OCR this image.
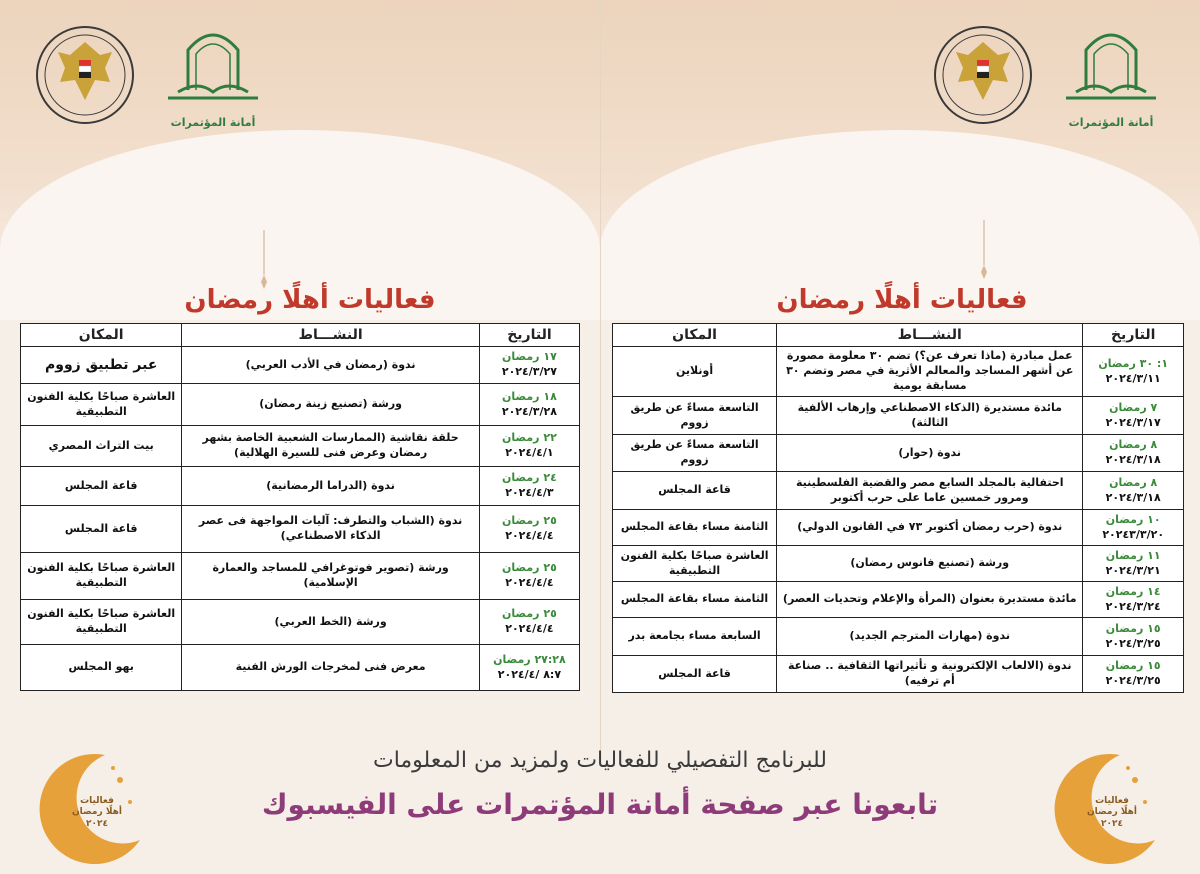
أمانة المؤتمرات	أمانة المؤتمرات
فعاليات أهلًا رمضان
التاريخ	النشـــاط	المكان

١٧ رمضان
٢٠٢٤/٣/٢٧	ندوة (رمضان في الأدب العربي)	عبر تطبيق زووم

١٨ رمضان
٢٠٢٤/٣/٢٨	ورشة (تصنيع زينة رمضان)	العاشرة صباحًا بكلية الفنون التطبيقية

٢٢ رمضان
٢٠٢٤/٤/١	حلقة نقاشية (الممارسات الشعبية الخاصة بشهر رمضان وعرض فنى للسيرة الهلالية)	بيت التراث المصري

٢٤ رمضان
٢٠٢٤/٤/٣	ندوة (الدراما الرمضانية)	قاعة المجلس

٢٥ رمضان
٢٠٢٤/٤/٤	ندوة (الشباب والتطرف: آليات المواجهة فى عصر الذكاء الاصطناعي)	قاعة المجلس

٢٥ رمضان
٢٠٢٤/٤/٤	ورشة (تصوير فوتوغرافي للمساجد والعمارة الإسلامية)	العاشرة صباحًا بكلية الفنون التطبيقية

٢٥ رمضان
٢٠٢٤/٤/٤	ورشة (الخط العربي)	العاشرة صباحًا بكلية الفنون التطبيقية

٢٧:٢٨ رمضان
٨:٧ /٢٠٢٤/٤	معرض فنى لمخرجات الورش الفنية	بهو المجلس
فعاليات أهلًا رمضان
التاريخ	النشـــاط	المكان

١: ٣٠ رمضان
٢٠٢٤/٣/١١	عمل مبادرة (ماذا تعرف عن؟) تضم ٣٠ معلومة مصورة عن أشهر المساجد والمعالم الأثرية في مصر وتضم ٣٠ مسابقة يومية	أونلاين

٧ رمضان
٢٠٢٤/٣/١٧	مائدة مستديرة (الذكاء الاصطناعي وإرهاب الألفية الثالثة)	التاسعة مساءً عن طريق زووم

٨ رمضان
٢٠٢٤/٣/١٨	ندوة (حوار)	التاسعة مساءً عن طريق زووم

٨ رمضان
٢٠٢٤/٣/١٨	احتفالية بالمجلد السابع مصر والقضية الفلسطينية ومرور خمسين عاما على حرب أكتوبر	قاعة المجلس

١٠ رمضان
٢٠٢٤٣/٣/٢٠	ندوة (حرب رمضان أكتوبر ٧٣ في القانون الدولي)	الثامنة مساء بقاعة المجلس

١١ رمضان
٢٠٢٤/٣/٢١	ورشة (تصنيع فانوس رمضان)	العاشرة صباحًا بكلية الفنون التطبيقية

١٤ رمضان
٢٠٢٤/٣/٢٤	مائدة مستديرة بعنوان (المرأة والإعلام وتحديات العصر)	الثامنة مساء بقاعة المجلس

١٥ رمضان
٢٠٢٤/٣/٢٥	ندوة (مهارات المترجم الجديد)	السابعة مساء بجامعة بدر

١٥ رمضان
٢٠٢٤/٣/٢٥	ندوة (الالعاب الإلكترونية و تأثيراتها الثقافية .. صناعة أم ترفيه)	قاعة المجلس
فعاليات
أهلًا رمضان
٢٠٢٤
فعاليات
أهلًا رمضان
٢٠٢٤
للبرنامج التفصيلي للفعاليات ولمزيد من المعلومات
تابعونا عبر صفحة أمانة المؤتمرات على الفيسبوك
